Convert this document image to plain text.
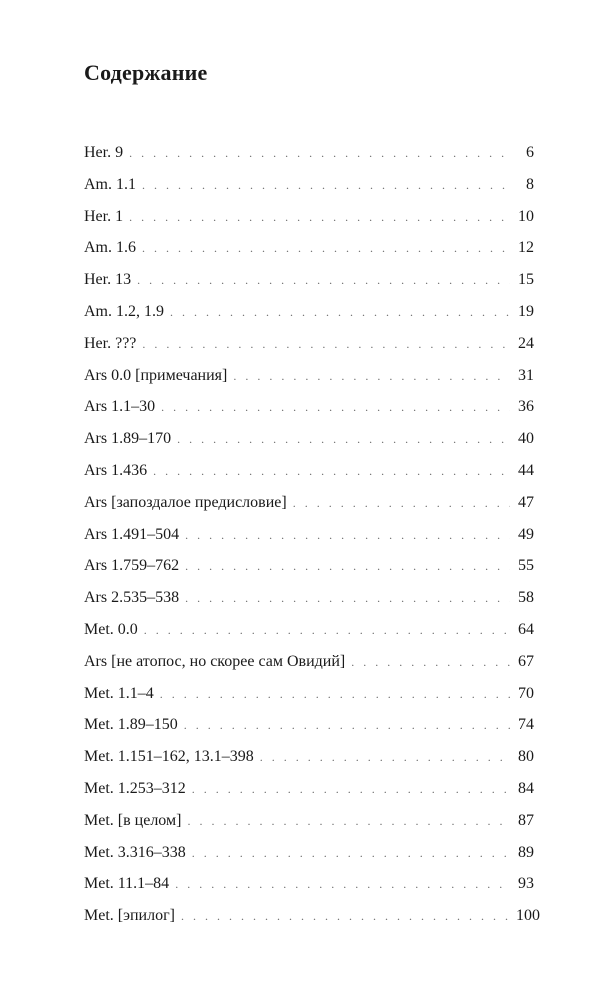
Содержание
Her. 9 . . .	6
Am. 1.1 . . .	8
Her. 1 . . .	10
Am. 1.6 . . .	12
Her. 13 . . .	15
Am. 1.2, 1.9 . . .	19
Her. ??? . . .	24
Ars 0.0 [примечания] . . .	31
Ars 1.1–30 . . .	36
Ars 1.89–170 . . .	40
Ars 1.436 . . .	44
Ars [запоздалое предисловие] . . .	47
Ars 1.491–504 . . .	49
Ars 1.759–762 . . .	55
Ars 2.535–538 . . .	58
Met. 0.0 . . .	64
Ars [не атопос, но скорее сам Овидий] . . .	67
Met. 1.1–4 . . .	70
Met. 1.89–150 . . .	74
Met. 1.151–162, 13.1–398 . . .	80
Met. 1.253–312 . . .	84
Met. [в целом] . . .	87
Met. 3.316–338 . . .	89
Met. 11.1–84 . . .	93
Met. [эпилог] . . .	100
